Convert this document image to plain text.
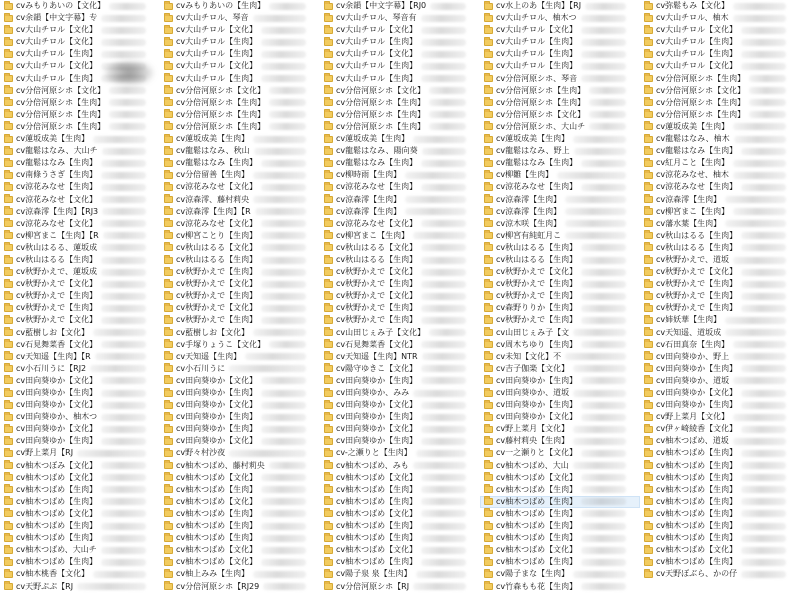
cvみもりあいの【文化】
cv余韻【中文字幕】专
cv大山チロル【文化】
cv大山チロル【文化】
cv大山チロル【生肉】
cv大山チロル【文化】
cv大山チロル【生肉】
cv分倍河原シホ【文化】
cv分倍河原シホ【生肉】
cv分倍河原シホ【生肉】
cv分倍河原シホ【生肉】
cv蓮坂成美【生肉】
cv龍鬆はなみ、大山チ
cv龍鬆はなみ【生肉】
cv南條うさぎ【生肉】
cv涼花みなせ【生肉】
cv涼花みなせ【文化】
cv涼森澪【生肉】【RJ3
cv涼花みなせ【文化】
cv柳宮まこ【生肉】【R
cv秋山はるる、蓮坂成
cv秋山はるる【生肉】
cv秋野かえで、蓮坂成
cv秋野かえで【文化】
cv秋野かえで【生肉】
cv秋野かえで【生肉】
cv秋野かえで【文化】
cv藍樹しお【文化】
cv石見舞菜香【文化】
cv天知遥【生肉】【R
cv小石川うに【RJ2
cv田向葵ゆか【文化】
cv田向葵ゆか【生肉】
cv田向葵ゆか【文化】
cv田向葵ゆか、柚木つ
cv田向葵ゆか【文化】
cv田向葵ゆか【生肉】
cv野上菜月【RJ
cv柚木つぼみ【文化】
cv柚木つばめ【文化】
cv柚木つばめ【生肉】
cv柚木つばめ【生肉】
cv柚木つばめ【文化】
cv柚木つばめ【生肉】
cv柚木つばめ【生肉】
cv柚木つばめ、大山チ
cv柚木つばめ【生肉】
cv柚木桃香【文化】
cv天野ぷぷ【RJ
cvみもりあいの【生肉】
cv大山チロル、琴音
cv大山チロル【文化】
cv大山チロル【生肉】
cv大山チロル【生肉】
cv大山チロル【文化】
cv大山チロル【生肉】
cv分倍河原シホ【文化】
cv分倍河原シホ【生肉】
cv分倍河原シホ【生肉】
cv分倍河原シホ【生肉】
cv蓮坂成美【生肉】
cv龍鬆はなみ、秋山
cv龍鬆はなみ【生肉】
cv分倍留善【生肉】
cv涼花みなせ【文化】
cv涼森澪、藤村莉央
cv涼森澪【生肉】【R
cv涼花みなせ【文化】
cv柳宮ことり【生肉】
cv秋山はるる【文化】
cv秋山はるる【生肉】
cv秋野かえで【生肉】
cv秋野かえで【文化】
cv秋野かえで【生肉】
cv秋野かえで【文化】
cv秋野かえで【生肉】
cv藍樹しお【文化】
cv手塚りょうこ【文化】
cv天知遥【生肉】
cv小石川うに
cv田向葵ゆか【文化】
cv田向葵ゆか【生肉】
cv田向葵ゆか【文化】
cv田向葵ゆか【生肉】
cv田向葵ゆか【生肉】
cv田向葵ゆか【文化】
cv野々村沙夜
cv柚木つばめ、藤村莉央
cv柚木つばめ【文化】
cv柚木つばめ【生肉】
cv柚木つばめ【文化】
cv柚木つばめ【生肉】
cv柚木つばめ【生肉】
cv柚木つばめ【生肉】
cv柚木つばめ【文化】
cv柚木つばめ【文化】
cv柚上みみ【生肉】
cv分倍河原シホ【RJ29
cv余韻【中文字幕】【RJ0
cv大山チロル、琴音有
cv大山チロル【文化】
cv大山チロル【生肉】
cv大山チロル【文化】
cv大山チロル【生肉】
cv大山チロル【生肉】
cv分倍河原シホ【文化】
cv分倍河原シホ【生肉】
cv分倍河原シホ【生肉】
cv分倍河原シホ【生肉】
cv蓮坂成美【生肉】
cv龍鬆はなみ、陽向葵
cv龍鬆はなみ【生肉】
cv柳時雨【生肉】
cv涼花みなせ【生肉】
cv涼森澪【生肉】
cv涼森澪【生肉】
cv涼花みなせ【文化】
cv柳宮まこ【生肉】
cv秋山はるる【文化】
cv秋山はるる【生肉】
cv秋野かえで【文化】
cv秋野かえで【生肉】
cv秋野かえで【文化】
cv秋野かえで【生肉】
cv秋野かえで【生肉】
cv山田じぇみ子【文化】
cv石見舞菜香【文化】
cv天知遥【生肉】NTR
cv陽守ゆきこ【文化】
cv田向葵ゆか【生肉】
cv田向葵ゆか、みみ
cv田向葵ゆか【文化】
cv田向葵ゆか【生肉】
cv田向葵ゆか【文化】
cv田向葵ゆか【生肉】
cv-之瀬りと【生肉】
cv柚木つばめ、みも
cv柚木つばめ【文化】
cv柚木つばめ【生肉】
cv柚木つばめ【生肉】
cv柚木つばめ【文化】
cv柚木つばめ【生肉】
cv柚木つばめ【生肉】
cv柚木つばめ【文化】
cv柚木つばめ【生肉】
cv陽子泉 泉【生肉】
cv分倍河原シホ【RJ
cv水上のあ【生肉】【RJ
cv大山チロル、柚木つ
cv大山チロル【文化】
cv大山チロル【生肉】
cv大山チロル【生肉】
cv大山チロル【生肉】
cv分倍河原シホ、琴音
cv分倍河原シホ【生肉】
cv分倍河原シホ【生肉】
cv分倍河原シホ【文化】
cv分倍河原シホ、大山チ
cv蓮坂成美【生肉】
cv龍鬆はなみ、野上
cv龍鬆はなみ【生肉】
cv柳雛【生肉】
cv涼花みなせ【生肉】
cv涼森澪【生肉】
cv涼森澪【生肉】
cv涼木咲【生肉】
cv柳宮有純虹月こ
cv秋山はるる【生肉】
cv秋山はるる【生肉】
cv秋野かえで【文化】
cv秋野かえで【生肉】
cv秋野かえで【生肉】
cv森野りりか【生肉】
cv秋野かえで【生肉】
cv山田じぇみ子【文
cv周木ちゆり【生肉】
cv未知【文化】不
cv吉子伽楽【文化】
cv田向葵ゆか【生肉】
cv田向葵ゆか、道坂
cv田向葵ゆか【生肉】
cv田向葵ゆか【文化】
cv野上菜月【文化】
cv藤村莉央【生肉】
cv一之瀬りと【文化】
cv柚木つばめ、大山
cv柚木つばめ【文化】
cv柚木つばめ【生肉】
cv柚木つばめ【生肉】
cv柚木つばめ【生肉】
cv柚木つばめ【生肉】
cv柚木つばめ【生肉】
cv柚木つばめ【文化】
cv柚木つばめ【生肉】
cv陽子まな【生肉】
cv竹森もも花【生肉】
cv弥鬆もみ【文化】
cv大山チロル、柚木
cv大山チロル【文化】
cv大山チロル【生肉】
cv大山チロル【生肉】
cv大山チロル【文化】
cv分倍河原シホ【生肉】
cv分倍河原シホ【文化】
cv分倍河原シホ【生肉】
cv分倍河原シホ【生肉】
cv蓮坂成美【生肉】
cv龍鬆はなみ、柚木
cv龍鬆はなみ【生肉】
cv紅月こと【生肉】
cv涼花みなせ、柚木
cv涼花みなせ【生肉】
cv涼森澪【生肉】
cv柳宮まこ【生肉】
cv藩水葉【生肉】
cv秋山はるる【生肉】
cv秋山はるる【生肉】
cv秋野かえで、道坂
cv秋野かえで【文化】
cv秋野かえで【生肉】
cv秋野かえで【生肉】
cv秋野かえで【生肉】
cv姉妖華【生肉】
cv天知遥、道坂成
cv石田真奈【生肉】
cv田向葵ゆか、野上
cv田向葵ゆか【生肉】
cv田向葵ゆか、道坂
cv田向葵ゆか【文化】
cv田向葵ゆか【生肉】
cv野上菜月【文化】
cv伊ヶ崎綾香【文化】
cv柚木つばめ、道坂
cv柚木つばめ【生肉】
cv柚木つばめ【生肉】
cv柚木つばめ【生肉】
cv柚木つばめ【生肉】
cv柚木つばめ【生肉】
cv柚木つばめ【生肉】
cv柚木つばめ【生肉】
cv柚木つばめ【生肉】
cv柚木つばめ【文化】
cv柚木つばめ【生肉】
cv天野ぼぶら、かの仔
